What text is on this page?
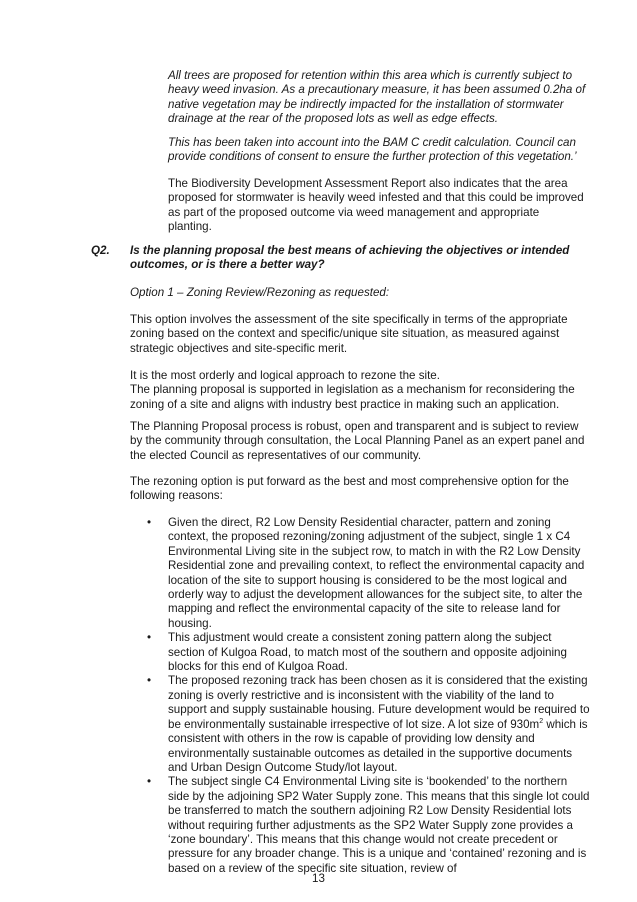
All trees are proposed for retention within this area which is currently subject to heavy weed invasion. As a precautionary measure, it has been assumed 0.2ha of native vegetation may be indirectly impacted for the installation of stormwater drainage at the rear of the proposed lots as well as edge effects.

This has been taken into account into the BAM C credit calculation. Council can provide conditions of consent to ensure the further protection of this vegetation.’

The Biodiversity Development Assessment Report also indicates that the area proposed for stormwater is heavily weed infested and that this could be improved as part of the proposed outcome via weed management and appropriate planting.

Q2. Is the planning proposal the best means of achieving the objectives or intended outcomes, or is there a better way?

Option 1 – Zoning Review/Rezoning as requested:

This option involves the assessment of the site specifically in terms of the appropriate zoning based on the context and specific/unique site situation, as measured against strategic objectives and site-specific merit.

It is the most orderly and logical approach to rezone the site.

The planning proposal is supported in legislation as a mechanism for reconsidering the zoning of a site and aligns with industry best practice in making such an application.

The Planning Proposal process is robust, open and transparent and is subject to review by the community through consultation, the Local Planning Panel as an expert panel and the elected Council as representatives of our community.

The rezoning option is put forward as the best and most comprehensive option for the following reasons:

• Given the direct, R2 Low Density Residential character, pattern and zoning context, the proposed rezoning/zoning adjustment of the subject, single 1 x C4 Environmental Living site in the subject row, to match in with the R2 Low Density Residential zone and prevailing context, to reflect the environmental capacity and location of the site to support housing is considered to be the most logical and orderly way to adjust the development allowances for the subject site, to alter the mapping and reflect the environmental capacity of the site to release land for housing.
• This adjustment would create a consistent zoning pattern along the subject section of Kulgoa Road, to match most of the southern and opposite adjoining blocks for this end of Kulgoa Road.
• The proposed rezoning track has been chosen as it is considered that the existing zoning is overly restrictive and is inconsistent with the viability of the land to support and supply sustainable housing. Future development would be required to be environmentally sustainable irrespective of lot size. A lot size of $930m^2$ which is consistent with others in the row is capable of providing low density and environmentally sustainable outcomes as detailed in the supportive documents and Urban Design Outcome Study/lot layout.
• The subject single C4 Environmental Living site is ‘bookended’ to the northern side by the adjoining SP2 Water Supply zone. This means that this single lot could be transferred to match the southern adjoining R2 Low Density Residential lots without requiring further adjustments as the SP2 Water Supply zone provides a ‘zone boundary’. This means that this change would not create precedent or pressure for any broader change. This is a unique and ‘contained’ rezoning and is based on a review of the specific site situation, review of
13
